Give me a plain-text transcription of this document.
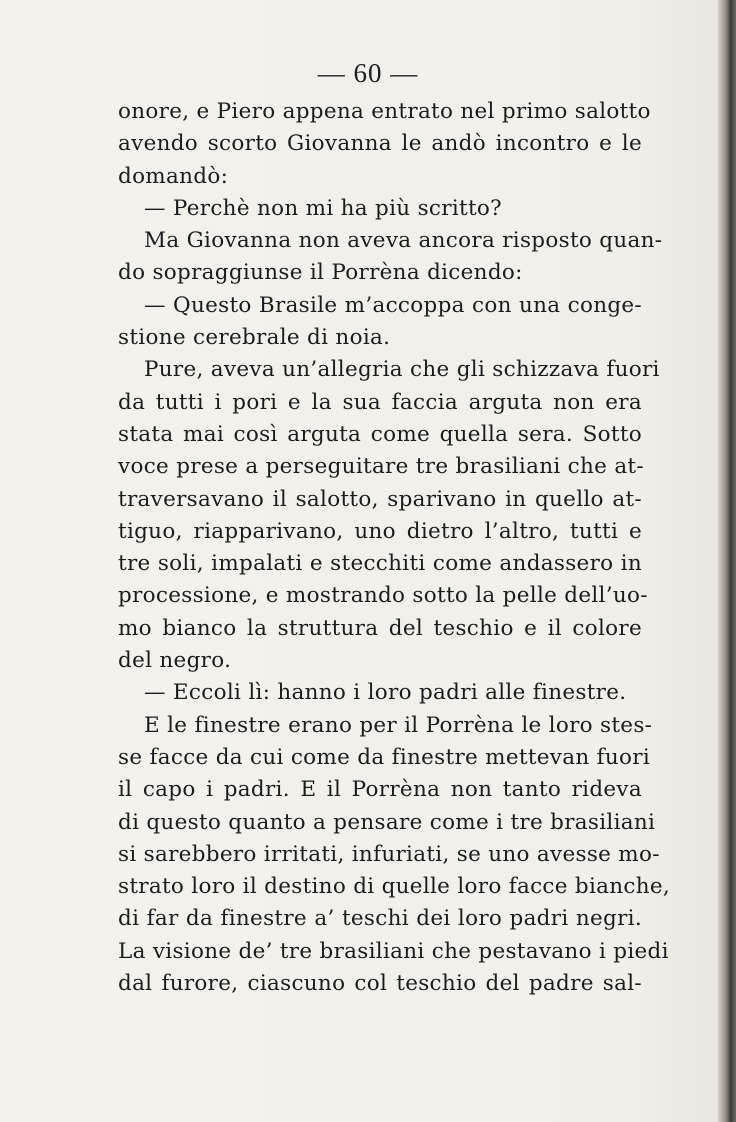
— 60 —
onore, e Piero appena entrato nel primo salotto
avendo scorto Giovanna le andò incontro e le
domandò:
— Perchè non mi ha più scritto?
Ma Giovanna non aveva ancora risposto quan-
do sopraggiunse il Porrèna dicendo:
— Questo Brasile m’accoppa con una conge-
stione cerebrale di noia.
Pure, aveva un’allegria che gli schizzava fuori
da tutti i pori e la sua faccia arguta non era
stata mai così arguta come quella sera. Sotto
voce prese a perseguitare tre brasiliani che at-
traversavano il salotto, sparivano in quello at-
tiguo, riapparivano, uno dietro l’altro, tutti e
tre soli, impalati e stecchiti come andassero in
processione, e mostrando sotto la pelle dell’uo-
mo bianco la struttura del teschio e il colore
del negro.
— Eccoli lì: hanno i loro padri alle finestre.
E le finestre erano per il Porrèna le loro stes-
se facce da cui come da finestre mettevan fuori
il capo i padri. E il Porrèna non tanto rideva
di questo quanto a pensare come i tre brasiliani
si sarebbero irritati, infuriati, se uno avesse mo-
strato loro il destino di quelle loro facce bianche,
di far da finestre a’ teschi dei loro padri negri.
La visione de’ tre brasiliani che pestavano i piedi
dal furore, ciascuno col teschio del padre sal-
